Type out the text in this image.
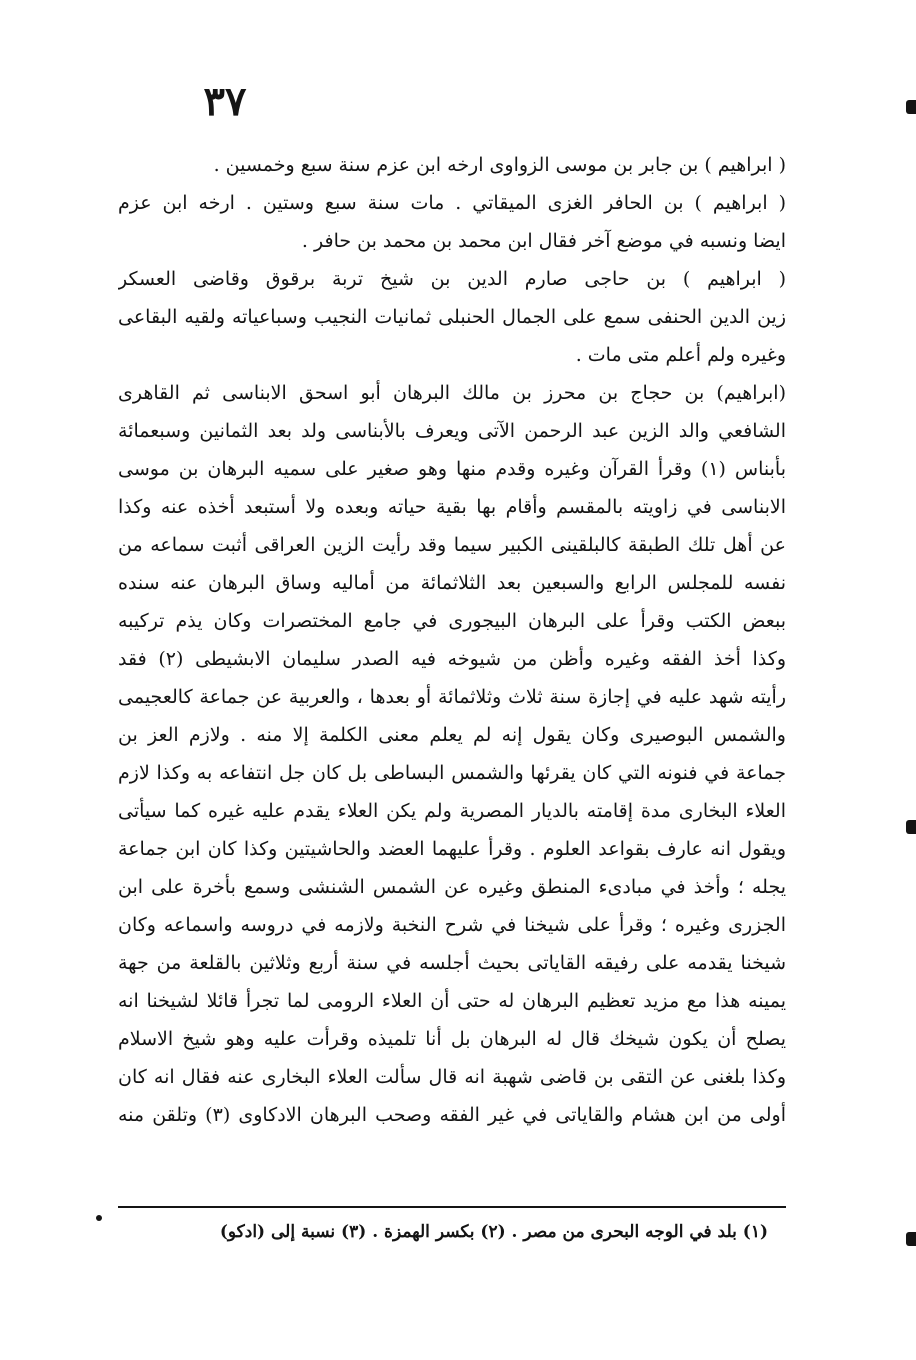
٣٧
( ابراهيم ) بن جابر بن موسى الزواوى ارخه ابن عزم سنة سبع وخمسين .
( ابراهيم ) بن الحافر الغزى الميقاتي . مات سنة سبع وستين . ارخه ابن عزم
ايضا ونسبه في موضع آخر فقال ابن محمد بن محمد بن حافر .
( ابراهيم ) بن حاجى صارم الدين بن شيخ تربة برقوق وقاضى العسكر
زين الدين الحنفى سمع على الجمال الحنبلى ثمانيات النجيب وسباعياته ولقيه البقاعى
وغيره ولم أعلم متى مات .
(ابراهيم) بن حجاج بن محرز بن مالك البرهان أبو اسحق الابناسى ثم القاهرى
الشافعي والد الزين عبد الرحمن الآتى ويعرف بالأبناسى ولد بعد الثمانين وسبعمائة
بأبناس (١) وقرأ القرآن وغيره وقدم منها وهو صغير على سميه البرهان بن موسى
الابناسى في زاويته بالمقسم وأقام بها بقية حياته وبعده ولا أستبعد أخذه عنه وكذا
عن أهل تلك الطبقة كالبلقينى الكبير سيما وقد رأيت الزين العراقى أثبت سماعه من
نفسه للمجلس الرابع والسبعين بعد الثلاثمائة من أماليه وساق البرهان عنه سنده
ببعض الكتب وقرأ على البرهان البيجورى في جامع المختصرات وكان يذم تركيبه
وكذا أخذ الفقه وغيره وأظن من شيوخه فيه الصدر سليمان الابشيطى (٢) فقد
رأيته شهد عليه في إجازة سنة ثلاث وثلاثمائة أو بعدها ، والعربية عن جماعة كالعجيمى
والشمس البوصيرى وكان يقول إنه لم يعلم معنى الكلمة إلا منه . ولازم العز بن
جماعة في فنونه التي كان يقرئها والشمس البساطى بل كان جل انتفاعه به وكذا لازم
العلاء البخارى مدة إقامته بالديار المصرية ولم يكن العلاء يقدم عليه غيره كما سيأتى
ويقول انه عارف بقواعد العلوم . وقرأ عليهما العضد والحاشيتين وكذا كان ابن جماعة
يجله ؛ وأخذ في مبادىء المنطق وغيره عن الشمس الشنشى وسمع بأخرة على ابن
الجزرى وغيره ؛ وقرأ على شيخنا في شرح النخبة ولازمه في دروسه واسماعه وكان
شيخنا يقدمه على رفيقه القاياتى بحيث أجلسه في سنة أربع وثلاثين بالقلعة من جهة
يمينه هذا مع مزيد تعظيم البرهان له حتى أن العلاء الرومى لما تجرأ قائلا لشيخنا انه
يصلح أن يكون شيخك قال له البرهان بل أنا تلميذه وقرأت عليه وهو شيخ الاسلام
وكذا بلغنى عن التقى بن قاضى شهبة انه قال سألت العلاء البخارى عنه فقال انه كان
أولى من ابن هشام والقاياتى في غير الفقه وصحب البرهان الادكاوى (٣) وتلقن منه
(١) بلد في الوجه البحرى من مصر . (٢) بكسر الهمزة . (٣) نسبة إلى (ادكو)
